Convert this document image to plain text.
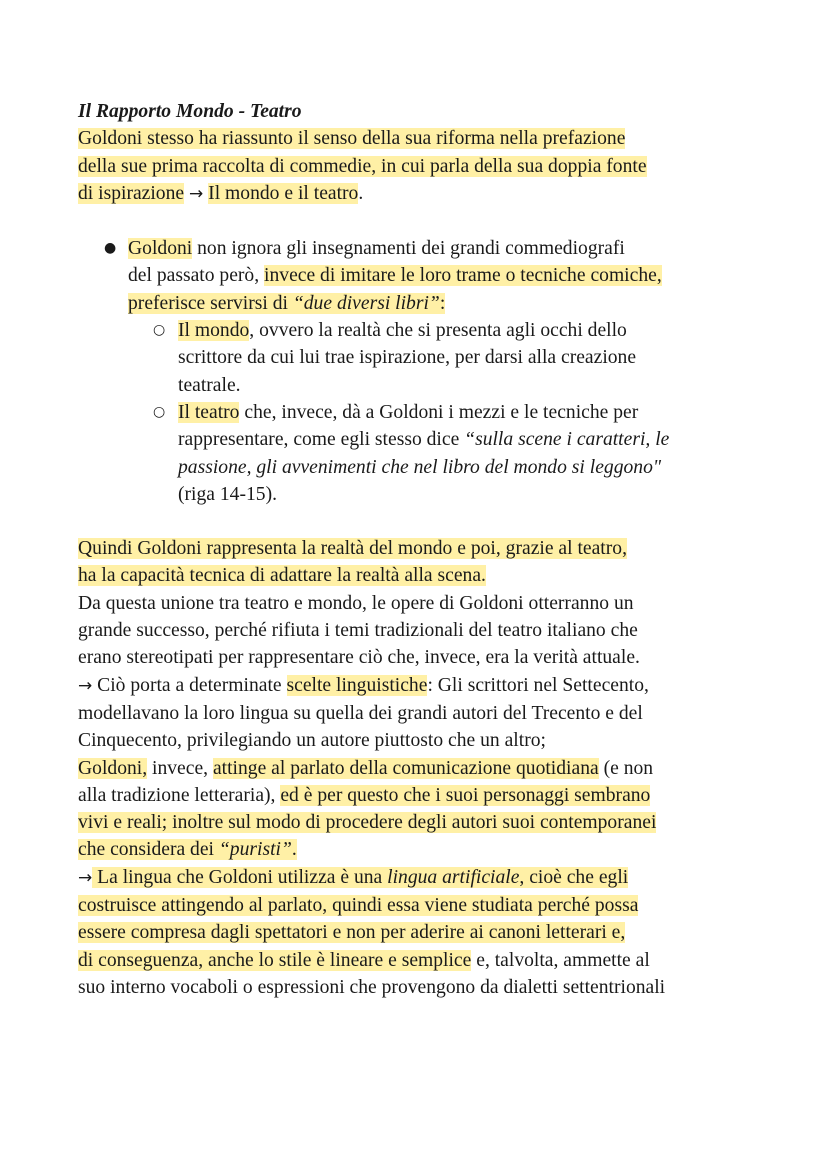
Il Rapporto Mondo - Teatro

Goldoni stesso ha riassunto il senso della sua riforma nella prefazione
della sue prima raccolta di commedie, in cui parla della sua doppia fonte
di ispirazione → Il mondo e il teatro.

● Goldoni non ignora gli insegnamenti dei grandi commediografi
del passato però, invece di imitare le loro trame o tecniche comiche,
preferisce servirsi di “due diversi libri”:
○ Il mondo, ovvero la realtà che si presenta agli occhi dello
scrittore da cui lui trae ispirazione, per darsi alla creazione
teatrale.
○ Il teatro che, invece, dà a Goldoni i mezzi e le tecniche per
rappresentare, come egli stesso dice “sulla scene i caratteri, le
passione, gli avvenimenti che nel libro del mondo si leggono"
(riga 14-15).

Quindi Goldoni rappresenta la realtà del mondo e poi, grazie al teatro,
ha la capacità tecnica di adattare la realtà alla scena.
Da questa unione tra teatro e mondo, le opere di Goldoni otterranno un
grande successo, perché rifiuta i temi tradizionali del teatro italiano che
erano stereotipati per rappresentare ciò che, invece, era la verità attuale.
→ Ciò porta a determinate scelte linguistiche: Gli scrittori nel Settecento,
modellavano la loro lingua su quella dei grandi autori del Trecento e del
Cinquecento, privilegiando un autore piuttosto che un altro;
Goldoni, invece, attinge al parlato della comunicazione quotidiana (e non
alla tradizione letteraria), ed è per questo che i suoi personaggi sembrano
vivi e reali; inoltre sul modo di procedere degli autori suoi contemporanei
che considera dei “puristi”.
→ La lingua che Goldoni utilizza è una lingua artificiale, cioè che egli
costruisce attingendo al parlato, quindi essa viene studiata perché possa
essere compresa dagli spettatori e non per aderire ai canoni letterari e,
di conseguenza, anche lo stile è lineare e semplice e, talvolta, ammette al
suo interno vocaboli o espressioni che provengono da dialetti settentrionali
